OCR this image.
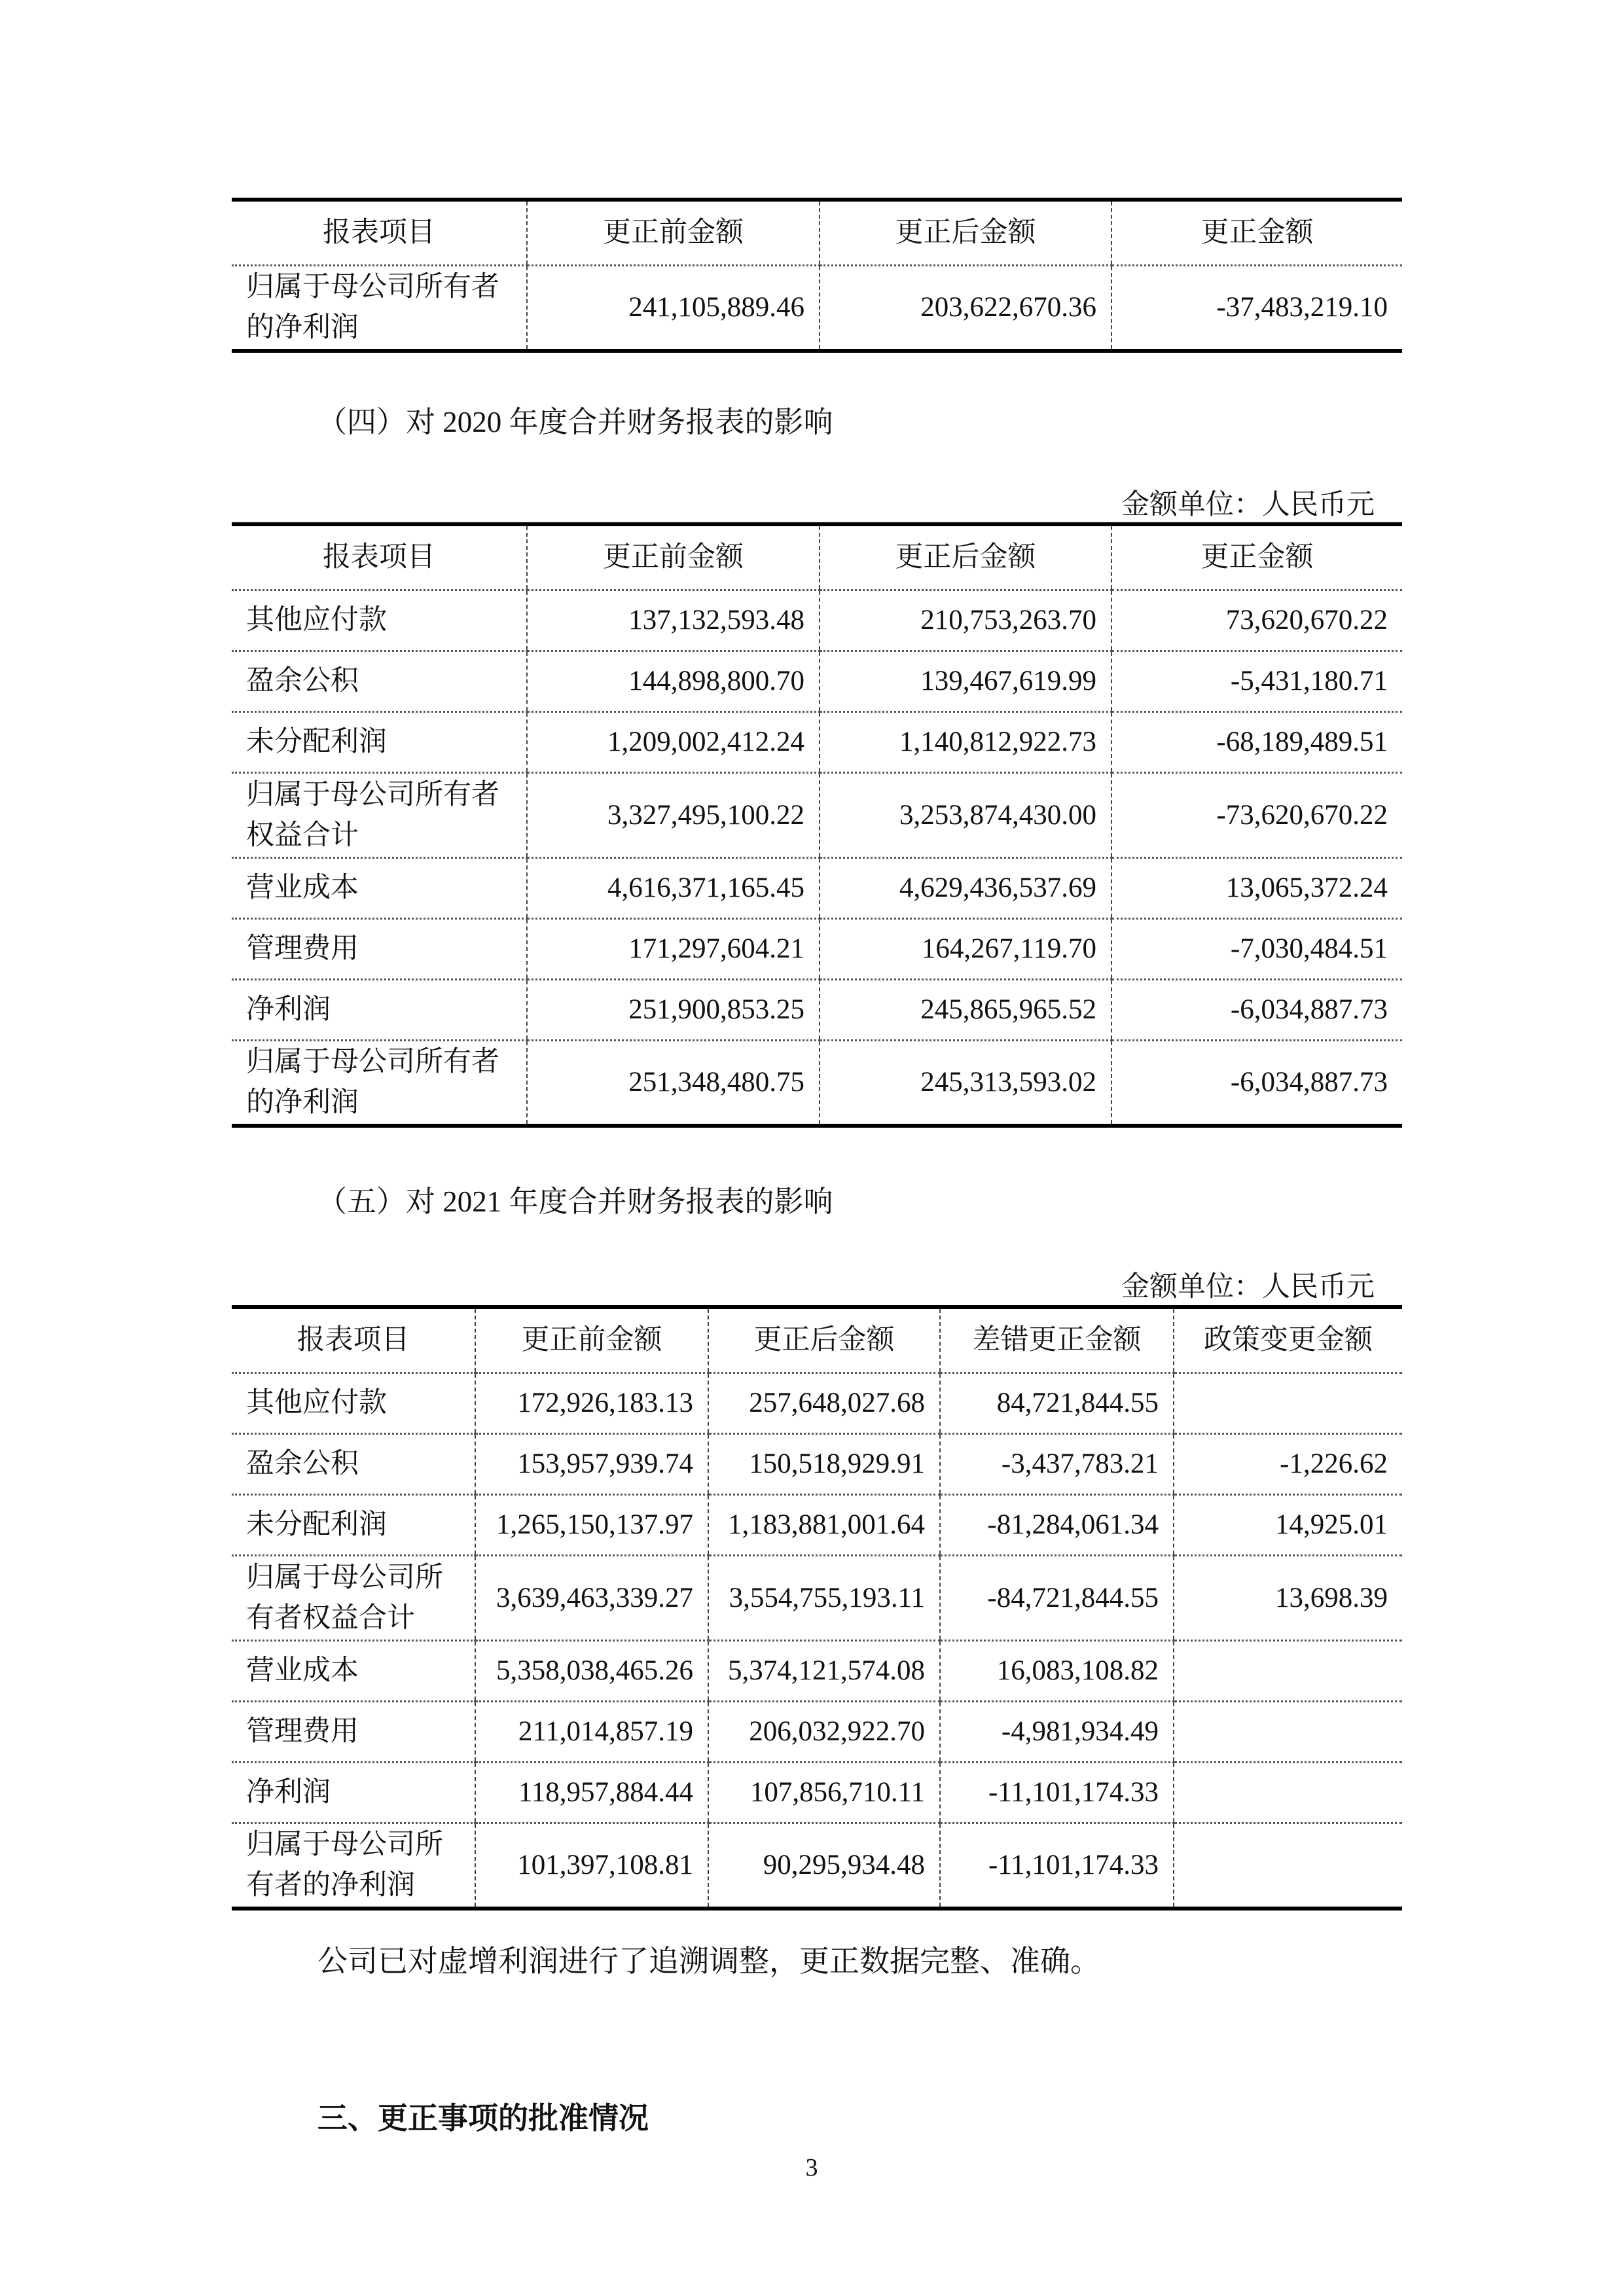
报表项目	更正前金额	更正后金额	更正金额
归属于母公司所有者的净利润	241,105,889.46	203,622,670.36	-37,483,219.10
（四）对 2020 年度合并财务报表的影响
金额单位：人民币元
报表项目	更正前金额	更正后金额	更正金额
其他应付款	137,132,593.48	210,753,263.70	73,620,670.22
盈余公积	144,898,800.70	139,467,619.99	-5,431,180.71
未分配利润	1,209,002,412.24	1,140,812,922.73	-68,189,489.51
归属于母公司所有者权益合计	3,327,495,100.22	3,253,874,430.00	-73,620,670.22
营业成本	4,616,371,165.45	4,629,436,537.69	13,065,372.24
管理费用	171,297,604.21	164,267,119.70	-7,030,484.51
净利润	251,900,853.25	245,865,965.52	-6,034,887.73
归属于母公司所有者的净利润	251,348,480.75	245,313,593.02	-6,034,887.73
（五）对 2021 年度合并财务报表的影响
金额单位：人民币元
报表项目	更正前金额	更正后金额	差错更正金额	政策变更金额
其他应付款	172,926,183.13	257,648,027.68	84,721,844.55	
盈余公积	153,957,939.74	150,518,929.91	-3,437,783.21	-1,226.62
未分配利润	1,265,150,137.97	1,183,881,001.64	-81,284,061.34	14,925.01
归属于母公司所有者权益合计	3,639,463,339.27	3,554,755,193.11	-84,721,844.55	13,698.39
营业成本	5,358,038,465.26	5,374,121,574.08	16,083,108.82	
管理费用	211,014,857.19	206,032,922.70	-4,981,934.49	
净利润	118,957,884.44	107,856,710.11	-11,101,174.33	
归属于母公司所有者的净利润	101,397,108.81	90,295,934.48	-11,101,174.33	
公司已对虚增利润进行了追溯调整，更正数据完整、准确。
三、更正事项的批准情况
3
